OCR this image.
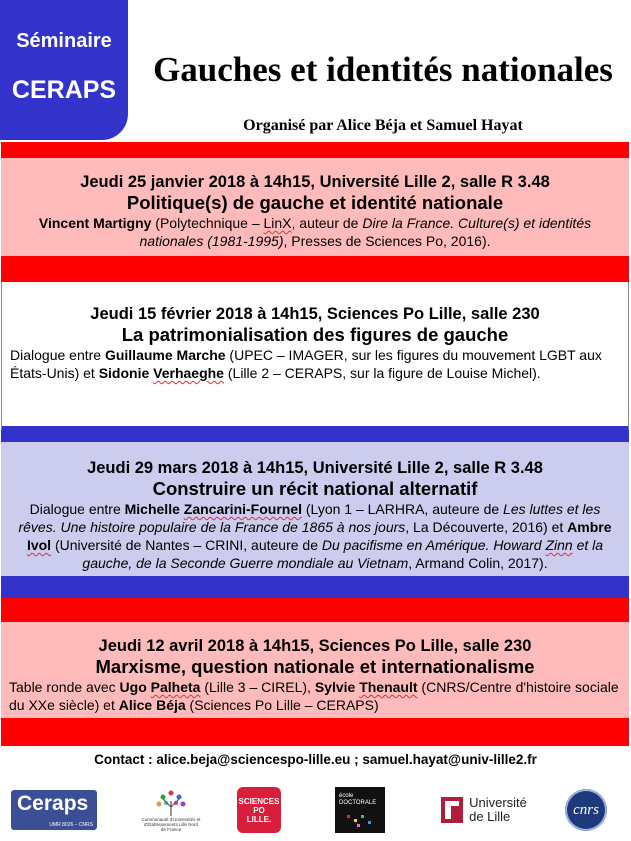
Séminaire
CERAPS
Gauches et identités nationales
Organisé par Alice Béja et Samuel Hayat
Jeudi 25 janvier 2018 à 14h15, Université Lille 2, salle R 3.48
Politique(s) de gauche et identité nationale
Vincent Martigny (Polytechnique – LinX, auteur de Dire la France. Culture(s) et identités nationales (1981-1995), Presses de Sciences Po, 2016).
Jeudi 15 février 2018 à 14h15, Sciences Po Lille, salle 230
La patrimonialisation des figures de gauche
Dialogue entre Guillaume Marche (UPEC – IMAGER, sur les figures du mouvement LGBT aux États-Unis) et Sidonie Verhaeghe (Lille 2 – CERAPS, sur la figure de Louise Michel).
Jeudi 29 mars 2018 à 14h15, Université Lille 2, salle R 3.48
Construire un récit national alternatif
Dialogue entre Michelle Zancarini-Fournel (Lyon 1 – LARHRA, auteure de Les luttes et les rêves. Une histoire populaire de la France de 1865 à nos jours, La Découverte, 2016) et Ambre Ivol (Université de Nantes – CRINI, auteure de Du pacifisme en Amérique. Howard Zinn et la gauche, de la Seconde Guerre mondiale au Vietnam, Armand Colin, 2017).
Jeudi 12 avril 2018 à 14h15, Sciences Po Lille, salle 230
Marxisme, question nationale et internationalisme
Table ronde avec Ugo Palheta (Lille 3 – CIREL), Sylvie Thenault (CNRS/Centre d'histoire sociale du XXe siècle) et Alice Béja (Sciences Po Lille – CERAPS)
Contact : alice.beja@sciencespo-lille.eu ; samuel.hayat@univ-lille2.fr
Ceraps
UMR 8026 – CNRS
Communauté d'Universités et d'Établissements Lille Nord de France
SCIENCES
PO
LILLE.
école DOCTORALE	Université
de Lille	cnrs
